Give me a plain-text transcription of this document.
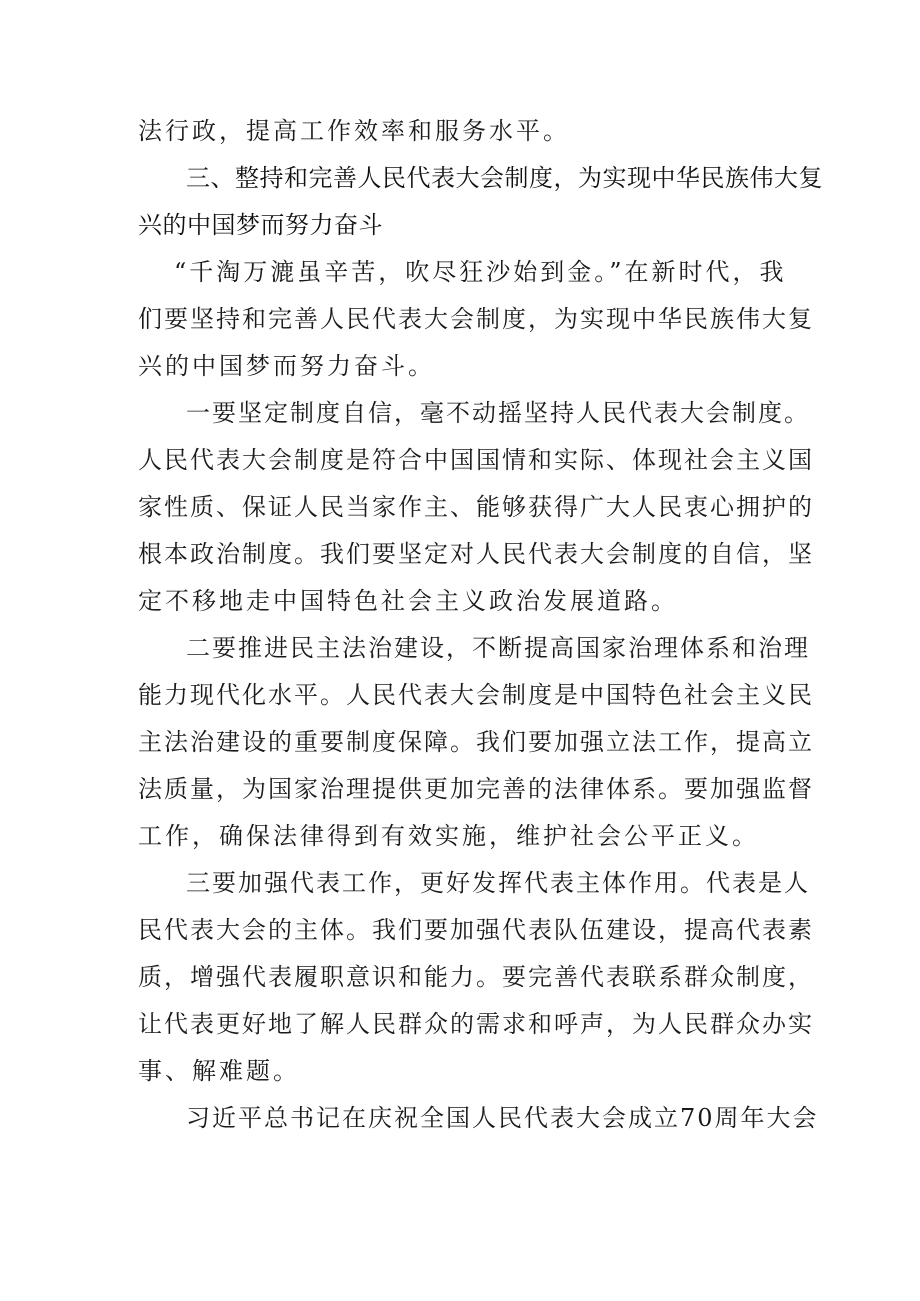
法行政，提高工作效率和服务水平。

三、整持和完善人民代表大会制度，为实现中华民族伟大复

兴的中国梦而努力奋斗

“千淘万漉虽辛苦，吹尽狂沙始到金。”在新时代，我

们要坚持和完善人民代表大会制度，为实现中华民族伟大复

兴的中国梦而努力奋斗。

一要坚定制度自信，毫不动摇坚持人民代表大会制度。

人民代表大会制度是符合中国国情和实际、体现社会主义国

家性质、保证人民当家作主、能够获得广大人民衷心拥护的

根本政治制度。我们要坚定对人民代表大会制度的自信，坚

定不移地走中国特色社会主义政治发展道路。

二要推进民主法治建设，不断提高国家治理体系和治理

能力现代化水平。人民代表大会制度是中国特色社会主义民

主法治建设的重要制度保障。我们要加强立法工作，提高立

法质量，为国家治理提供更加完善的法律体系。要加强监督

工作，确保法律得到有效实施，维护社会公平正义。

三要加强代表工作，更好发挥代表主体作用。代表是人

民代表大会的主体。我们要加强代表队伍建设，提高代表素

质，增强代表履职意识和能力。要完善代表联系群众制度，

让代表更好地了解人民群众的需求和呼声，为人民群众办实

事、解难题。

习近平总书记在庆祝全国人民代表大会成立70周年大会
